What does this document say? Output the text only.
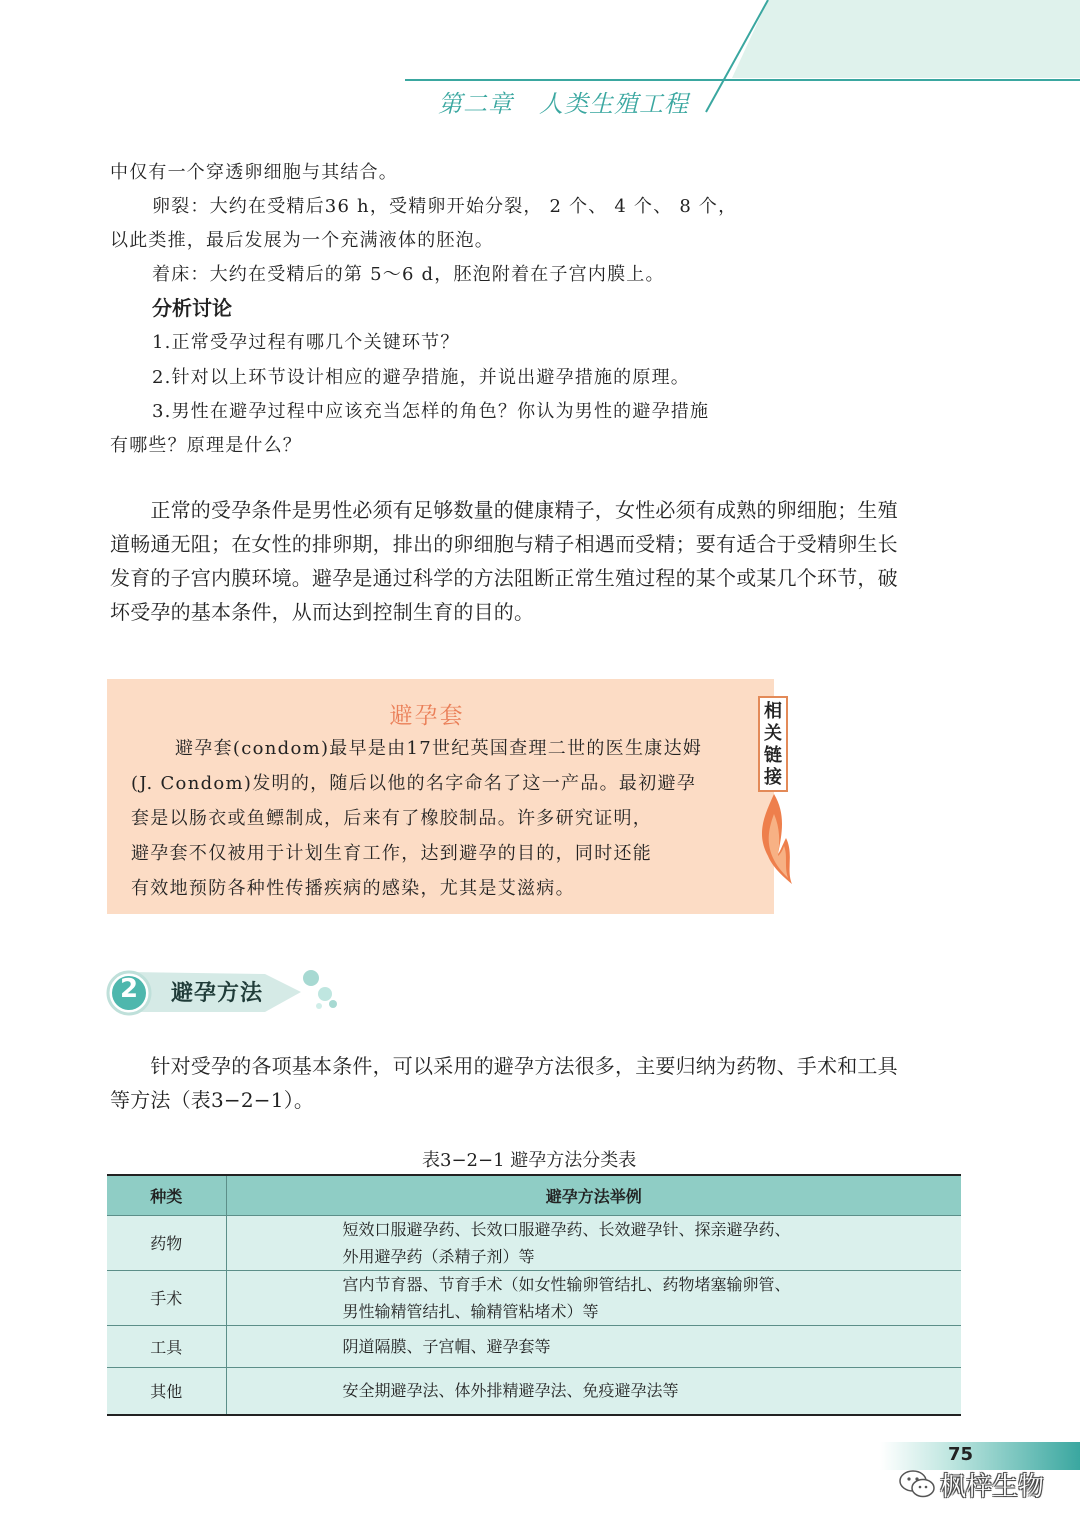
第二章 人类生殖工程
中仅有一个穿透卵细胞与其结合。
卵裂：大约在受精后36 h，受精卵开始分裂， 2 个、 4 个、 8 个，
以此类推，最后发展为一个充满液体的胚泡。
着床：大约在受精后的第 5～6 d，胚泡附着在子宫内膜上。
分析讨论
1.正常受孕过程有哪几个关键环节？
2.针对以上环节设计相应的避孕措施，并说出避孕措施的原理。
3.男性在避孕过程中应该充当怎样的角色？你认为男性的避孕措施
有哪些？原理是什么？
　　正常的受孕条件是男性必须有足够数量的健康精子，女性必须有成熟的卵细胞；生殖
道畅通无阻；在女性的排卵期，排出的卵细胞与精子相遇而受精；要有适合于受精卵生长
发育的子宫内膜环境。避孕是通过科学的方法阻断正常生殖过程的某个或某几个环节，破
坏受孕的基本条件，从而达到控制生育的目的。
避孕套
避孕套(condom)最早是由17世纪英国查理二世的医生康达姆
(J. Condom)发明的，随后以他的名字命名了这一产品。最初避孕
套是以肠衣或鱼鳔制成，后来有了橡胶制品。许多研究证明，
避孕套不仅被用于计划生育工作，达到避孕的目的，同时还能
有效地预防各种性传播疾病的感染，尤其是艾滋病。
相
关
链
接
2	避孕方法
　　针对受孕的各项基本条件，可以采用的避孕方法很多，主要归纳为药物、手术和工具
等方法（表3−2−1）。
表3−2−1 避孕方法分类表
种类	避孕方法举例
药物	短效口服避孕药、长效口服避孕药、长效避孕针、探亲避孕药、
外用避孕药（杀精子剂）等

手术	宫内节育器、节育手术（如女性输卵管结扎、药物堵塞输卵管、
男性输精管结扎、输精管粘堵术）等

工具	阴道隔膜、子宫帽、避孕套等

其他	安全期避孕法、体外排精避孕法、免疫避孕法等
75
枫梓生物
